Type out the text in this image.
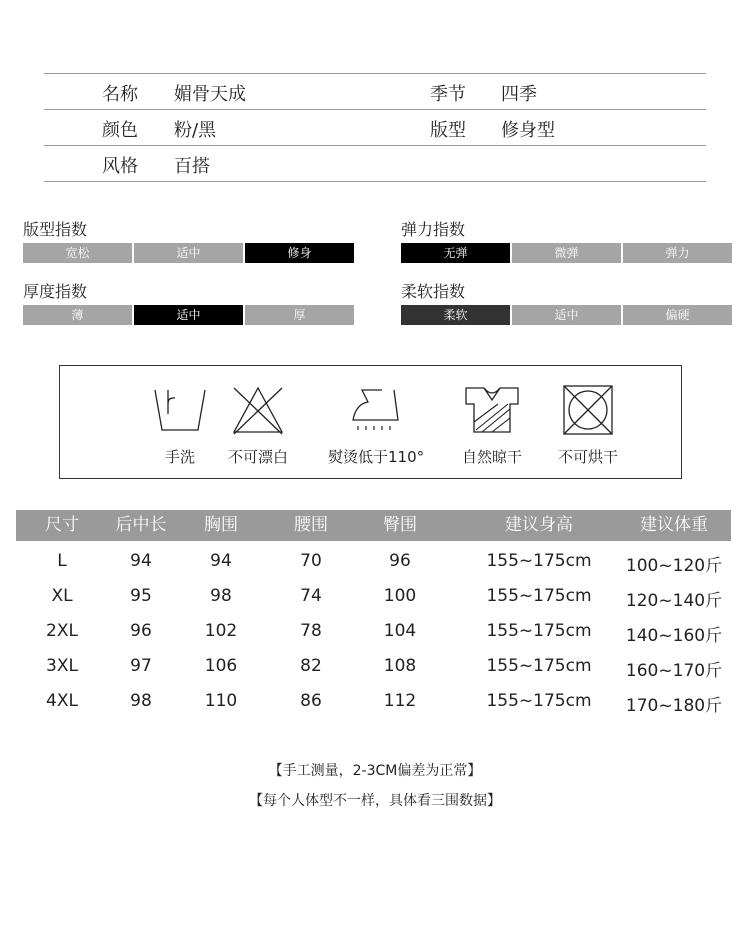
名称 媚骨天成	季节 四季
颜色 粉/黑	版型 修身型
风格 百搭
版型指数
宽松	适中	修身
弹力指数
无弹	微弹	弹力
厚度指数
薄	适中	厚
柔软指数
柔软	适中	偏硬
手洗	不可漂白	熨烫低于110°	自然晾干 不可烘干
尺寸 后中长 胸围	腰围	臀围	建议身高	建议体重
L	94	94	70	96	155~175cm 100~120斤
XL	95	98	74	100	155~175cm 120~140斤
2XL	96	102	78	104	155~175cm 140~160斤
3XL	97	106	82	108	155~175cm 160~170斤
4XL	98	110	86	112	155~175cm 170~180斤
【手工测量，2-3CM偏差为正常】
【每个人体型不一样，具体看三围数据】
